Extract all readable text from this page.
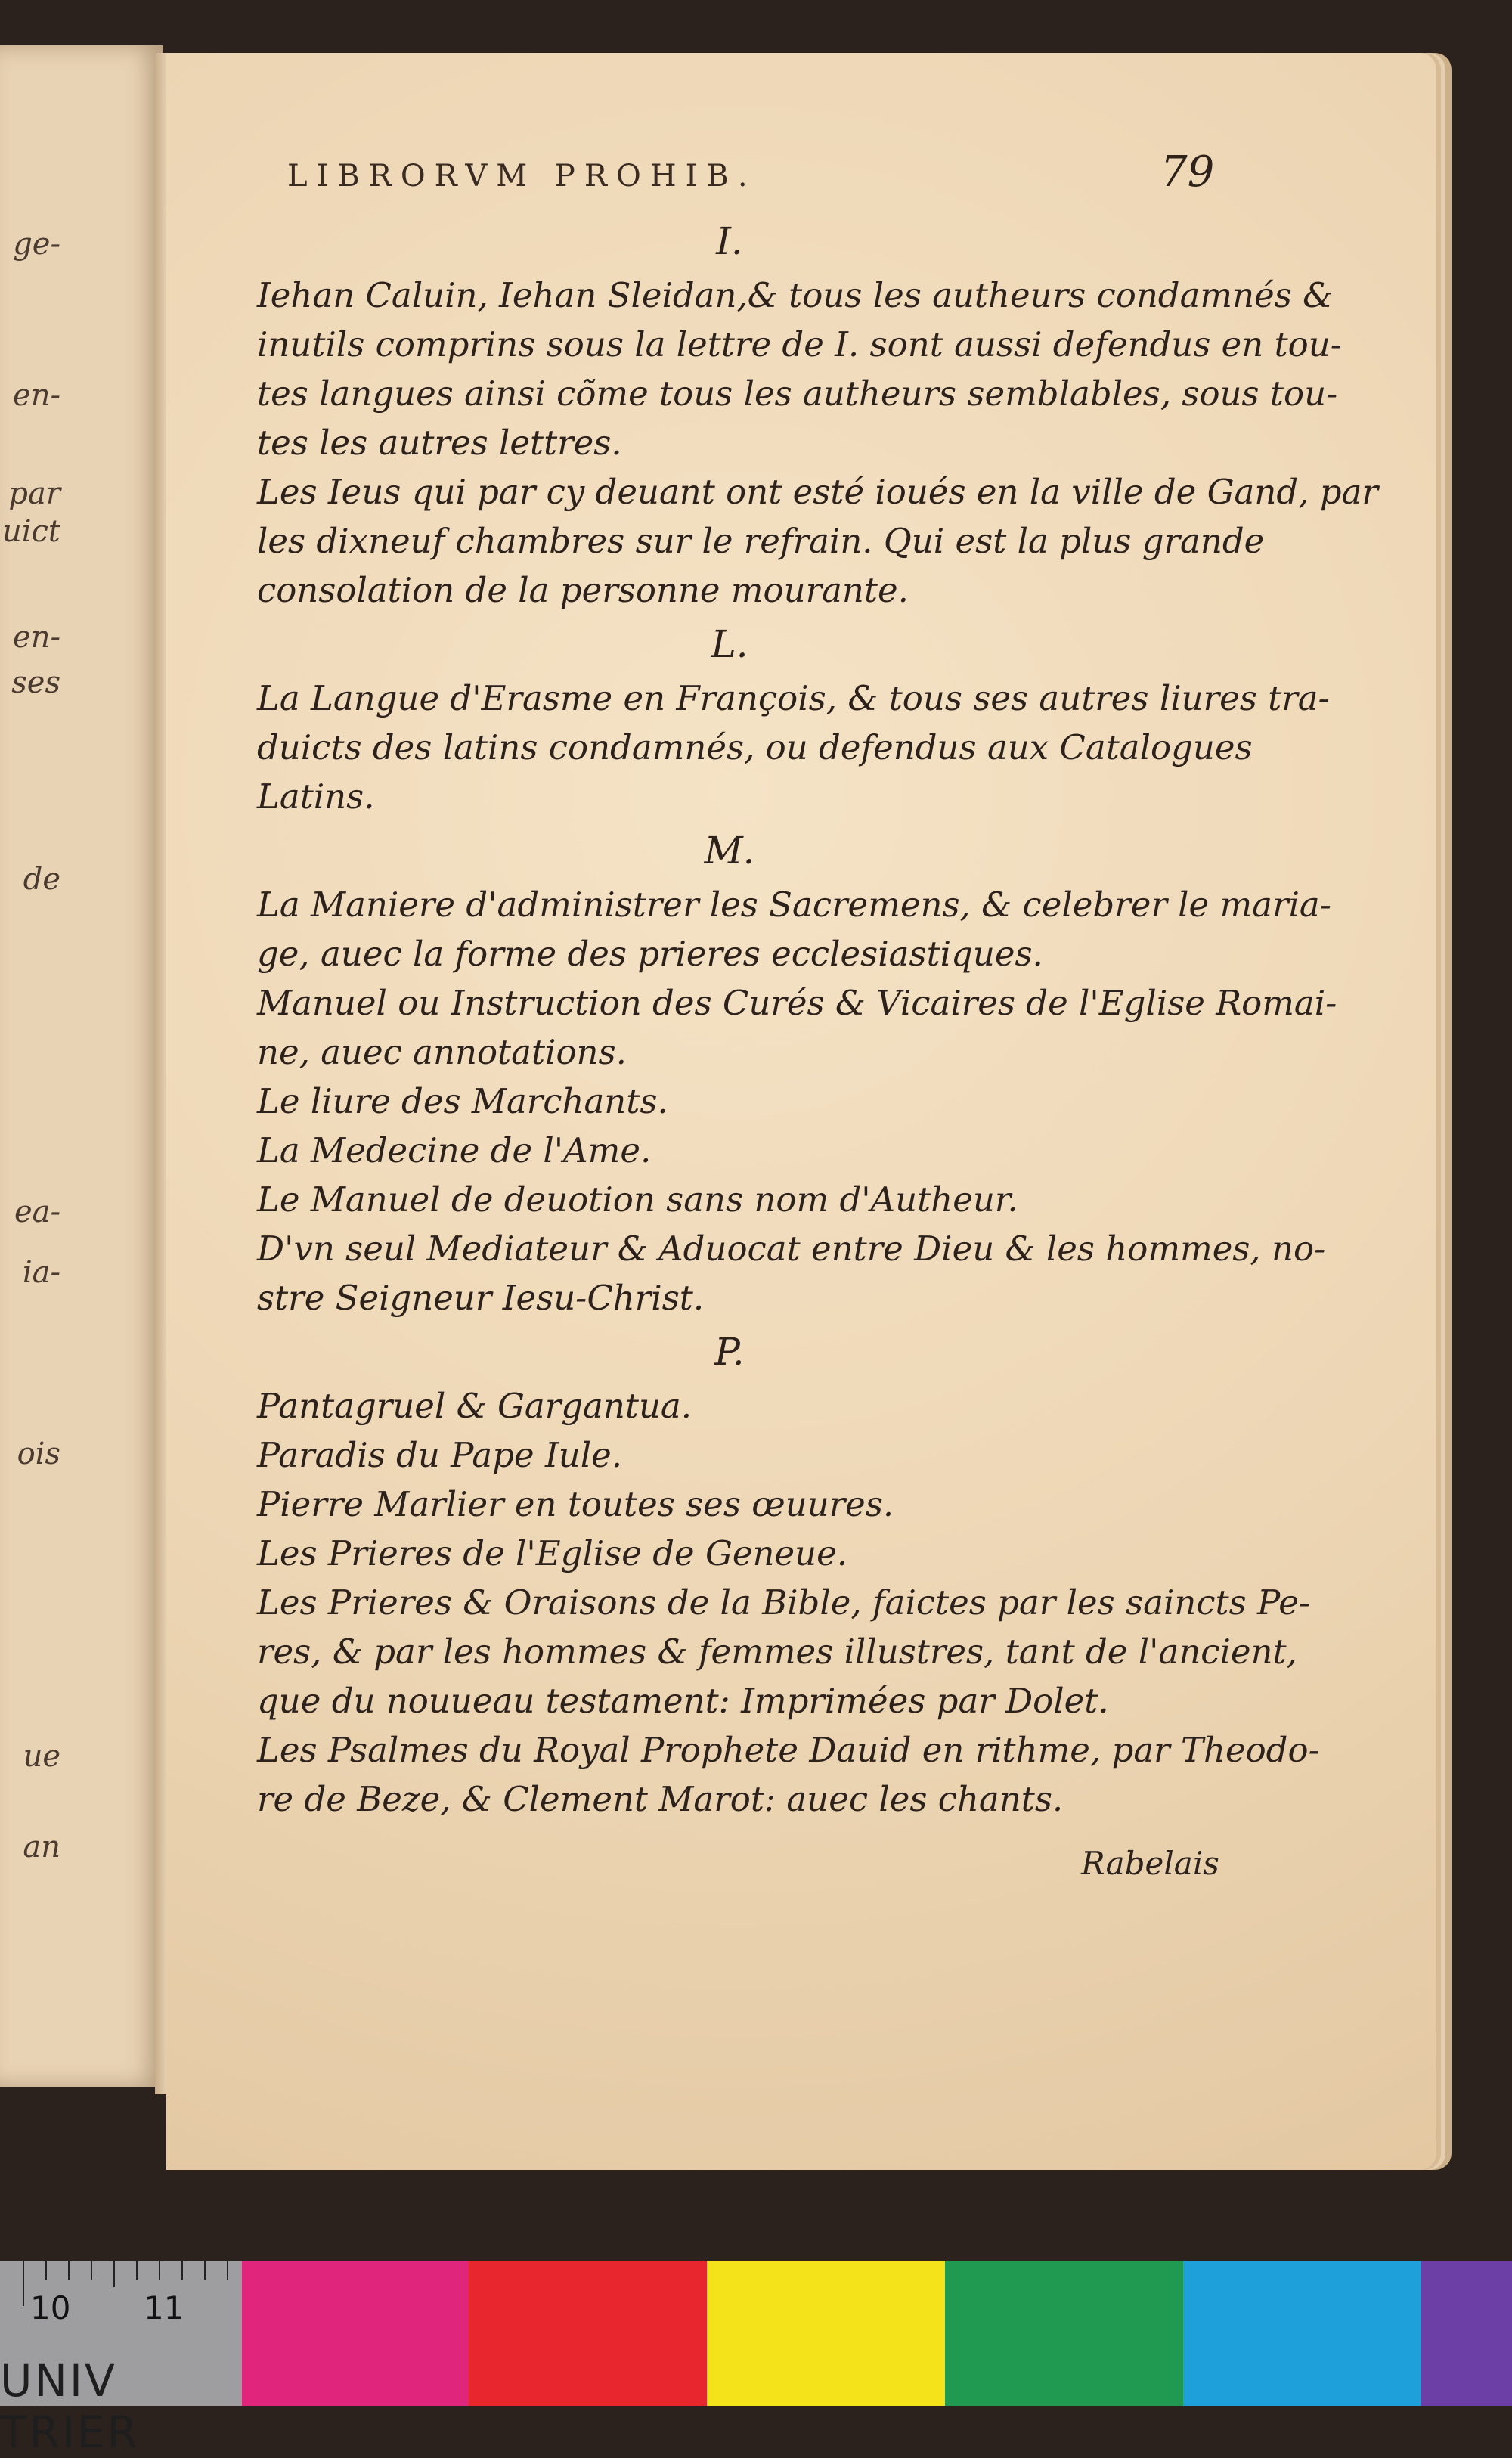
ge-
en-
par
uict
en-
ses
de
ea-
ia-
ois
ue
an
LIBRORVM PROHIB.	79
I.
Iehan Caluin, Iehan Sleidan,& tous les autheurs condamnés &
inutils comprins sous la lettre de I. sont aussi defendus en tou-
tes langues ainsi cõme tous les autheurs semblables, sous tou-
tes les autres lettres.
Les Ieus qui par cy deuant ont esté ioués en la ville de Gand, par
les dixneuf chambres sur le refrain. Qui est la plus grande
consolation de la personne mourante.
L.
La Langue d'Erasme en François, & tous ses autres liures tra-
duicts des latins condamnés, ou defendus aux Catalogues
Latins.
M.
La Maniere d'administrer les Sacremens, & celebrer le maria-
ge, auec la forme des prieres ecclesiastiques.
Manuel ou Instruction des Curés & Vicaires de l'Eglise Romai-
ne, auec annotations.
Le liure des Marchants.
La Medecine de l'Ame.
Le Manuel de deuotion sans nom d'Autheur.
D'vn seul Mediateur & Aduocat entre Dieu & les hommes, no-
stre Seigneur Iesu-Christ.
P.
Pantagruel & Gargantua.
Paradis du Pape Iule.
Pierre Marlier en toutes ses œuures.
Les Prieres de l'Eglise de Geneue.
Les Prieres & Oraisons de la Bible, faictes par les saincts Pe-
res, & par les hommes & femmes illustres, tant de l'ancient,
que du nouueau testament: Imprimées par Dolet.
Les Psalmes du Royal Prophete Dauid en rithme, par Theodo-
re de Beze, & Clement Marot: auec les chants.
Rabelais
10 11
UNIV TRIER
